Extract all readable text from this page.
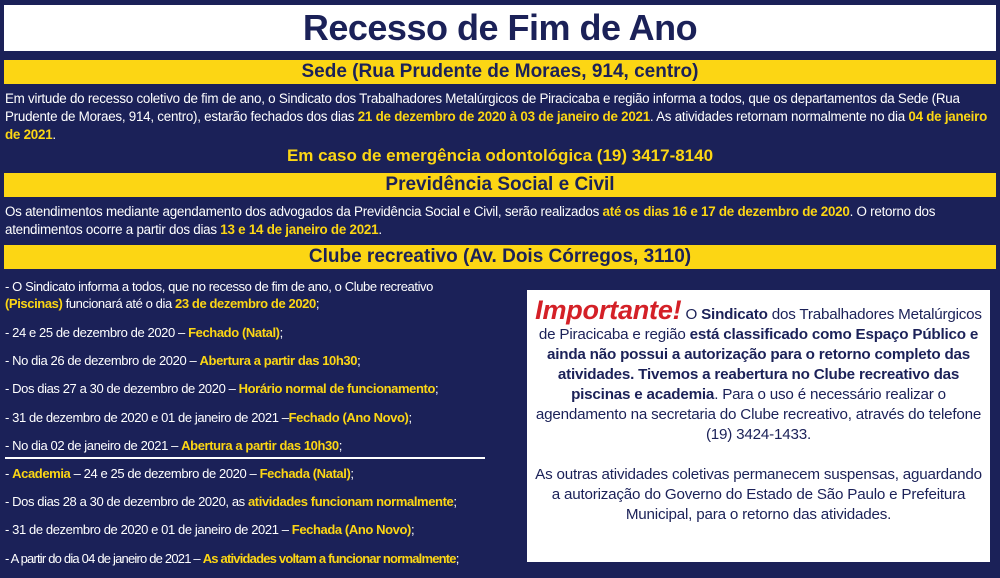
Recesso de Fim de Ano
Sede (Rua Prudente de Moraes, 914, centro)
Em virtude do recesso coletivo de fim de ano, o Sindicato dos Trabalhadores Metalúrgicos de Piracicaba e região informa a todos, que os departamentos da Sede (Rua Prudente de Moraes, 914, centro), estarão fechados dos dias 21 de dezembro de 2020 à 03 de janeiro de 2021. As atividades retornam normalmente no dia 04 de janeiro de 2021.
Em caso de emergência odontológica (19) 3417-8140
Previdência Social e Civil
Os atendimentos mediante agendamento dos advogados da Previdência Social e Civil, serão realizados até os dias 16 e 17 de dezembro de 2020. O retorno dos atendimentos ocorre a partir dos dias 13 e 14 de janeiro de 2021.
Clube recreativo (Av. Dois Córregos, 3110)
- O Sindicato informa a todos, que no recesso de fim de ano, o Clube recreativo
(Piscinas) funcionará até o dia 23 de dezembro de 2020;
- 24 e 25 de dezembro de 2020 – Fechado (Natal);
- No dia 26 de dezembro de 2020 – Abertura a partir das 10h30;
- Dos dias 27 a 30 de dezembro de 2020 – Horário normal de funcionamento;
- 31 de dezembro de 2020 e 01 de janeiro de 2021 –Fechado (Ano Novo);
- No dia 02 de janeiro de 2021 – Abertura a partir das 10h30;
- Academia – 24 e 25 de dezembro de 2020 – Fechada (Natal);
- Dos dias 28 a 30 de dezembro de 2020, as atividades funcionam normalmente;
- 31 de dezembro de 2020 e 01 de janeiro de 2021 – Fechada (Ano Novo);
- A partir do dia 04 de janeiro de 2021 – As atividades voltam a funcionar normalmente;
Importante! O Sindicato dos Trabalhadores Metalúrgicos de Piracicaba e região está classificado como Espaço Público e ainda não possui a autorização para o retorno completo das atividades. Tivemos a reabertura no Clube recreativo das piscinas e academia. Para o uso é necessário realizar o agendamento na secretaria do Clube recreativo, através do telefone (19) 3424-1433.

As outras atividades coletivas permanecem suspensas, aguardando a autorização do Governo do Estado de São Paulo e Prefeitura Municipal, para o retorno das atividades.
